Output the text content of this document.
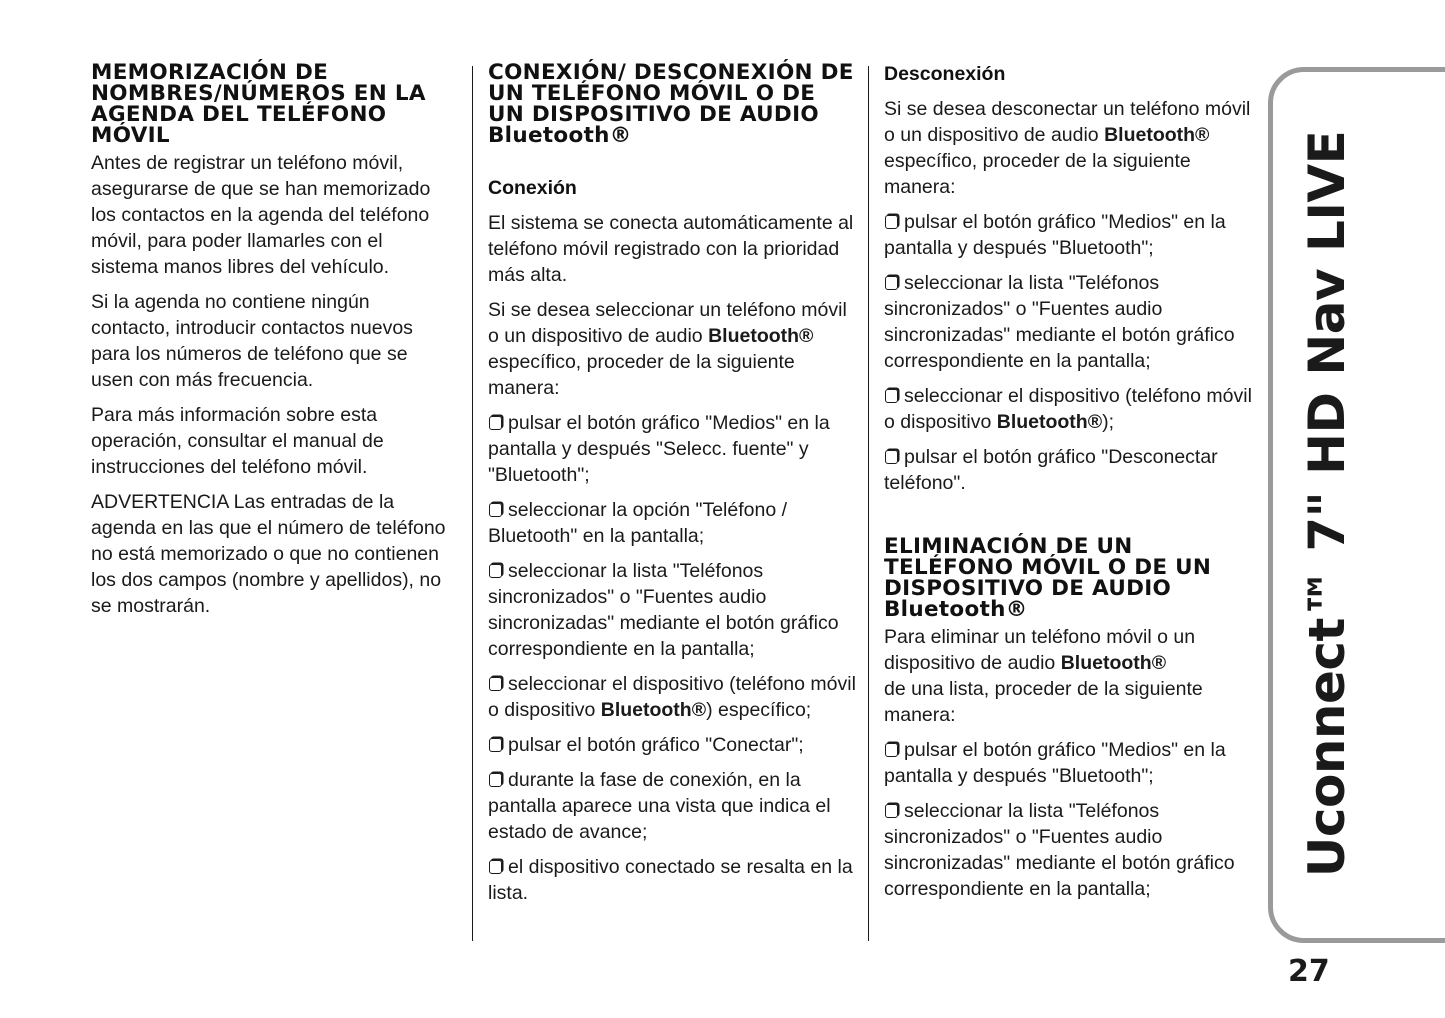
MEMORIZACIÓN DE NOMBRES/NÚMEROS EN LA AGENDA DEL TELÉFONO MÓVIL

Antes de registrar un teléfono móvil, asegurarse de que se han memorizado los contactos en la agenda del teléfono móvil, para poder llamarles con el sistema manos libres del vehículo.

Si la agenda no contiene ningún contacto, introducir contactos nuevos para los números de teléfono que se usen con más frecuencia.

Para más información sobre esta operación, consultar el manual de instrucciones del teléfono móvil.

ADVERTENCIA Las entradas de la agenda en las que el número de teléfono no está memorizado o que no contienen los dos campos (nombre y apellidos), no se mostrarán.

CONEXIÓN/ DESCONEXIÓN DE UN TELÉFONO MÓVIL O DE UN DISPOSITIVO DE AUDIO Bluetooth®
Conexión

El sistema se conecta automáticamente al teléfono móvil registrado con la prioridad más alta.

Si se desea seleccionar un teléfono móvil o un dispositivo de audio Bluetooth® específico, proceder de la siguiente manera:

pulsar el botón gráfico "Medios" en la pantalla y después "Selecc. fuente" y "Bluetooth";

seleccionar la opción "Teléfono / Bluetooth" en la pantalla;

seleccionar la lista "Teléfonos sincronizados" o "Fuentes audio sincronizadas" mediante el botón gráfico correspondiente en la pantalla;

seleccionar el dispositivo (teléfono móvil o dispositivo Bluetooth®) específico;

pulsar el botón gráfico "Conectar";

durante la fase de conexión, en la pantalla aparece una vista que indica el estado de avance;

el dispositivo conectado se resalta en la lista.

Desconexión

Si se desea desconectar un teléfono móvil o un dispositivo de audio Bluetooth® específico, proceder de la siguiente manera:

pulsar el botón gráfico "Medios" en la pantalla y después "Bluetooth";

seleccionar la lista "Teléfonos sincronizados" o "Fuentes audio sincronizadas" mediante el botón gráfico correspondiente en la pantalla;

seleccionar el dispositivo (teléfono móvil o dispositivo Bluetooth®);

pulsar el botón gráfico "Desconectar teléfono".

ELIMINACIÓN DE UN TELÉFONO MÓVIL O DE UN DISPOSITIVO DE AUDIO Bluetooth®

Para eliminar un teléfono móvil o un dispositivo de audio Bluetooth®
de una lista, proceder de la siguiente manera:

pulsar el botón gráfico "Medios" en la pantalla y después "Bluetooth";

seleccionar la lista "Teléfonos sincronizados" o "Fuentes audio sincronizadas" mediante el botón gráfico correspondiente en la pantalla;

Uconnect™ 7" HD Nav LIVE
27
